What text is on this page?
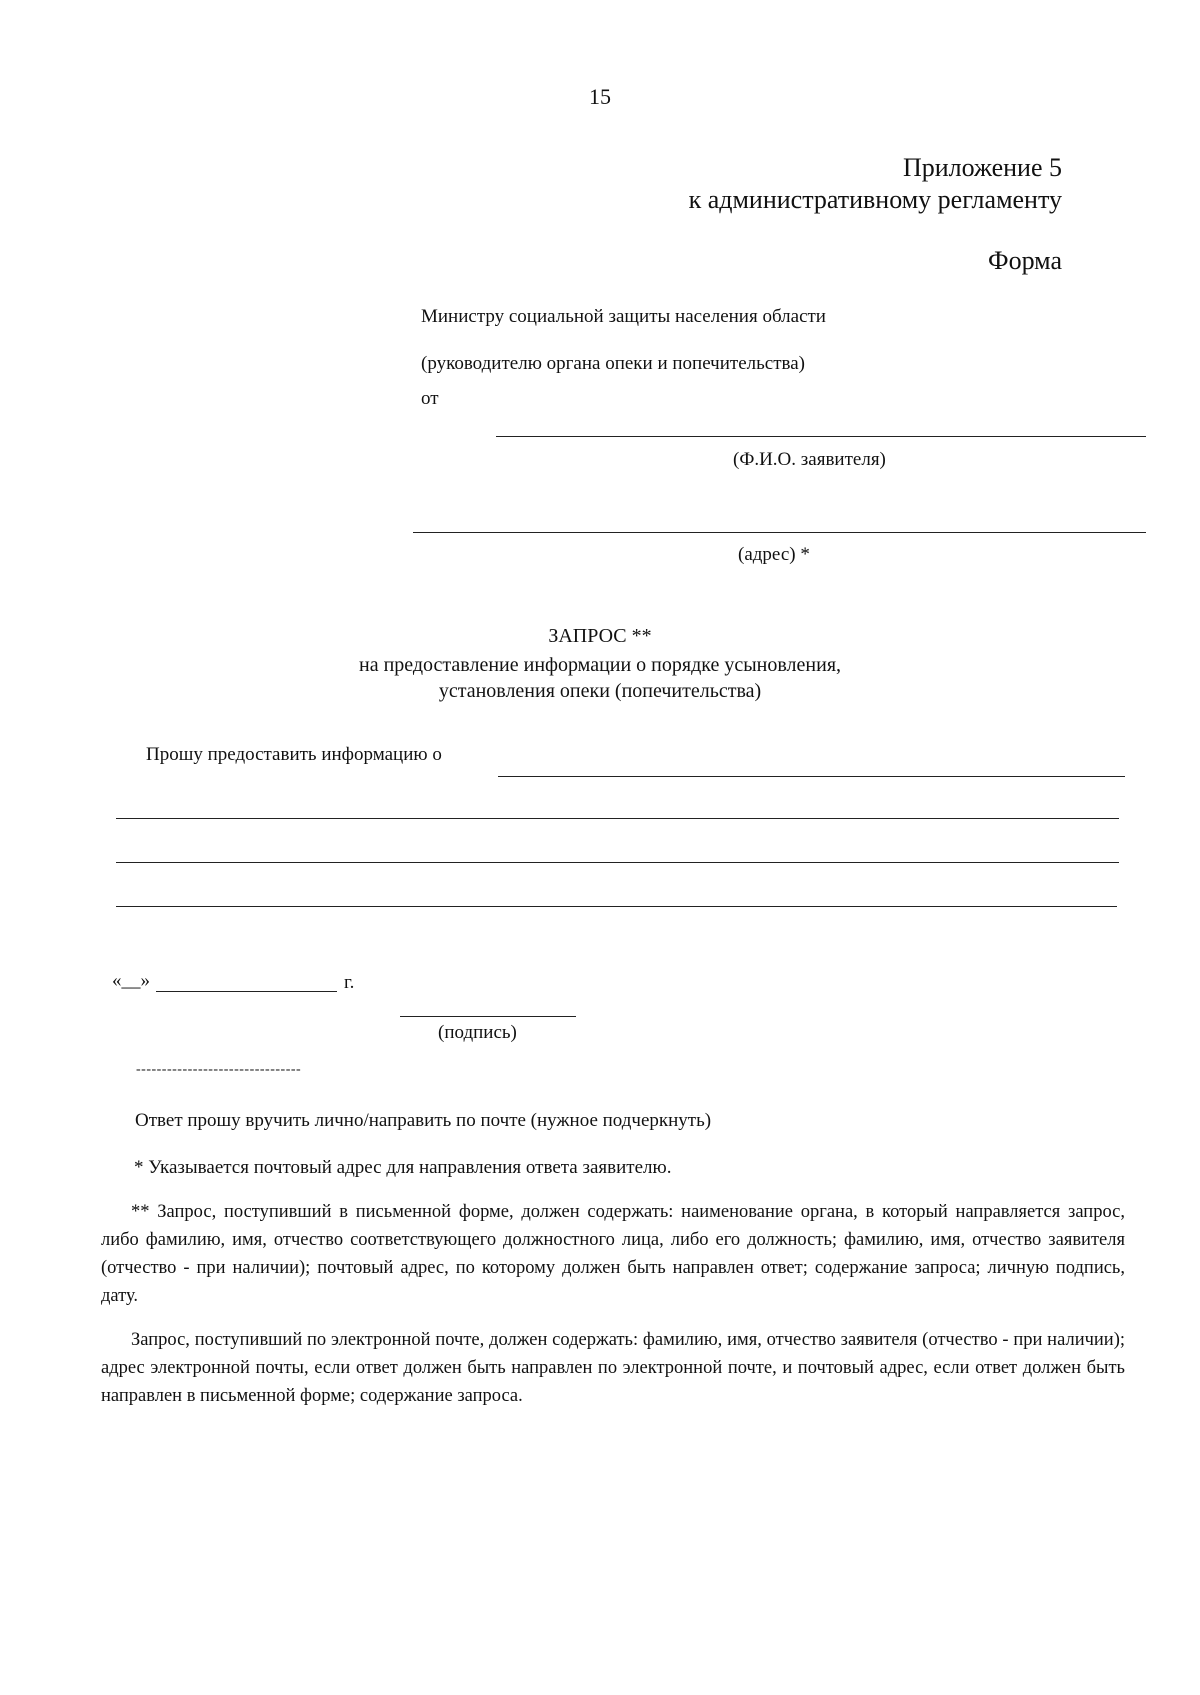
15
Приложение 5
к административному регламенту
Форма
Министру социальной защиты населения области
(руководителю органа опеки и попечительства)
от
(Ф.И.О. заявителя)
(адрес) *
ЗАПРОС **
на предоставление информации о порядке усыновления,
установления опеки (попечительства)
Прошу предоставить информацию о
«__»	г.
(подпись)
--------------------------------
Ответ прошу вручить лично/направить по почте (нужное подчеркнуть)
* Указывается почтовый адрес для направления ответа заявителю.
** Запрос, поступивший в письменной форме, должен содержать: наименование органа, в который направляется запрос, либо фамилию, имя, отчество соответствующего должностного лица, либо его должность; фамилию, имя, отчество заявителя (отчество - при наличии); почтовый адрес, по которому должен быть направлен ответ; содержание запроса; личную подпись, дату.
Запрос, поступивший по электронной почте, должен содержать: фамилию, имя, отчество заявителя (отчество - при наличии); адрес электронной почты, если ответ должен быть направлен по электронной почте, и почтовый адрес, если ответ должен быть направлен в письменной форме; содержание запроса.
